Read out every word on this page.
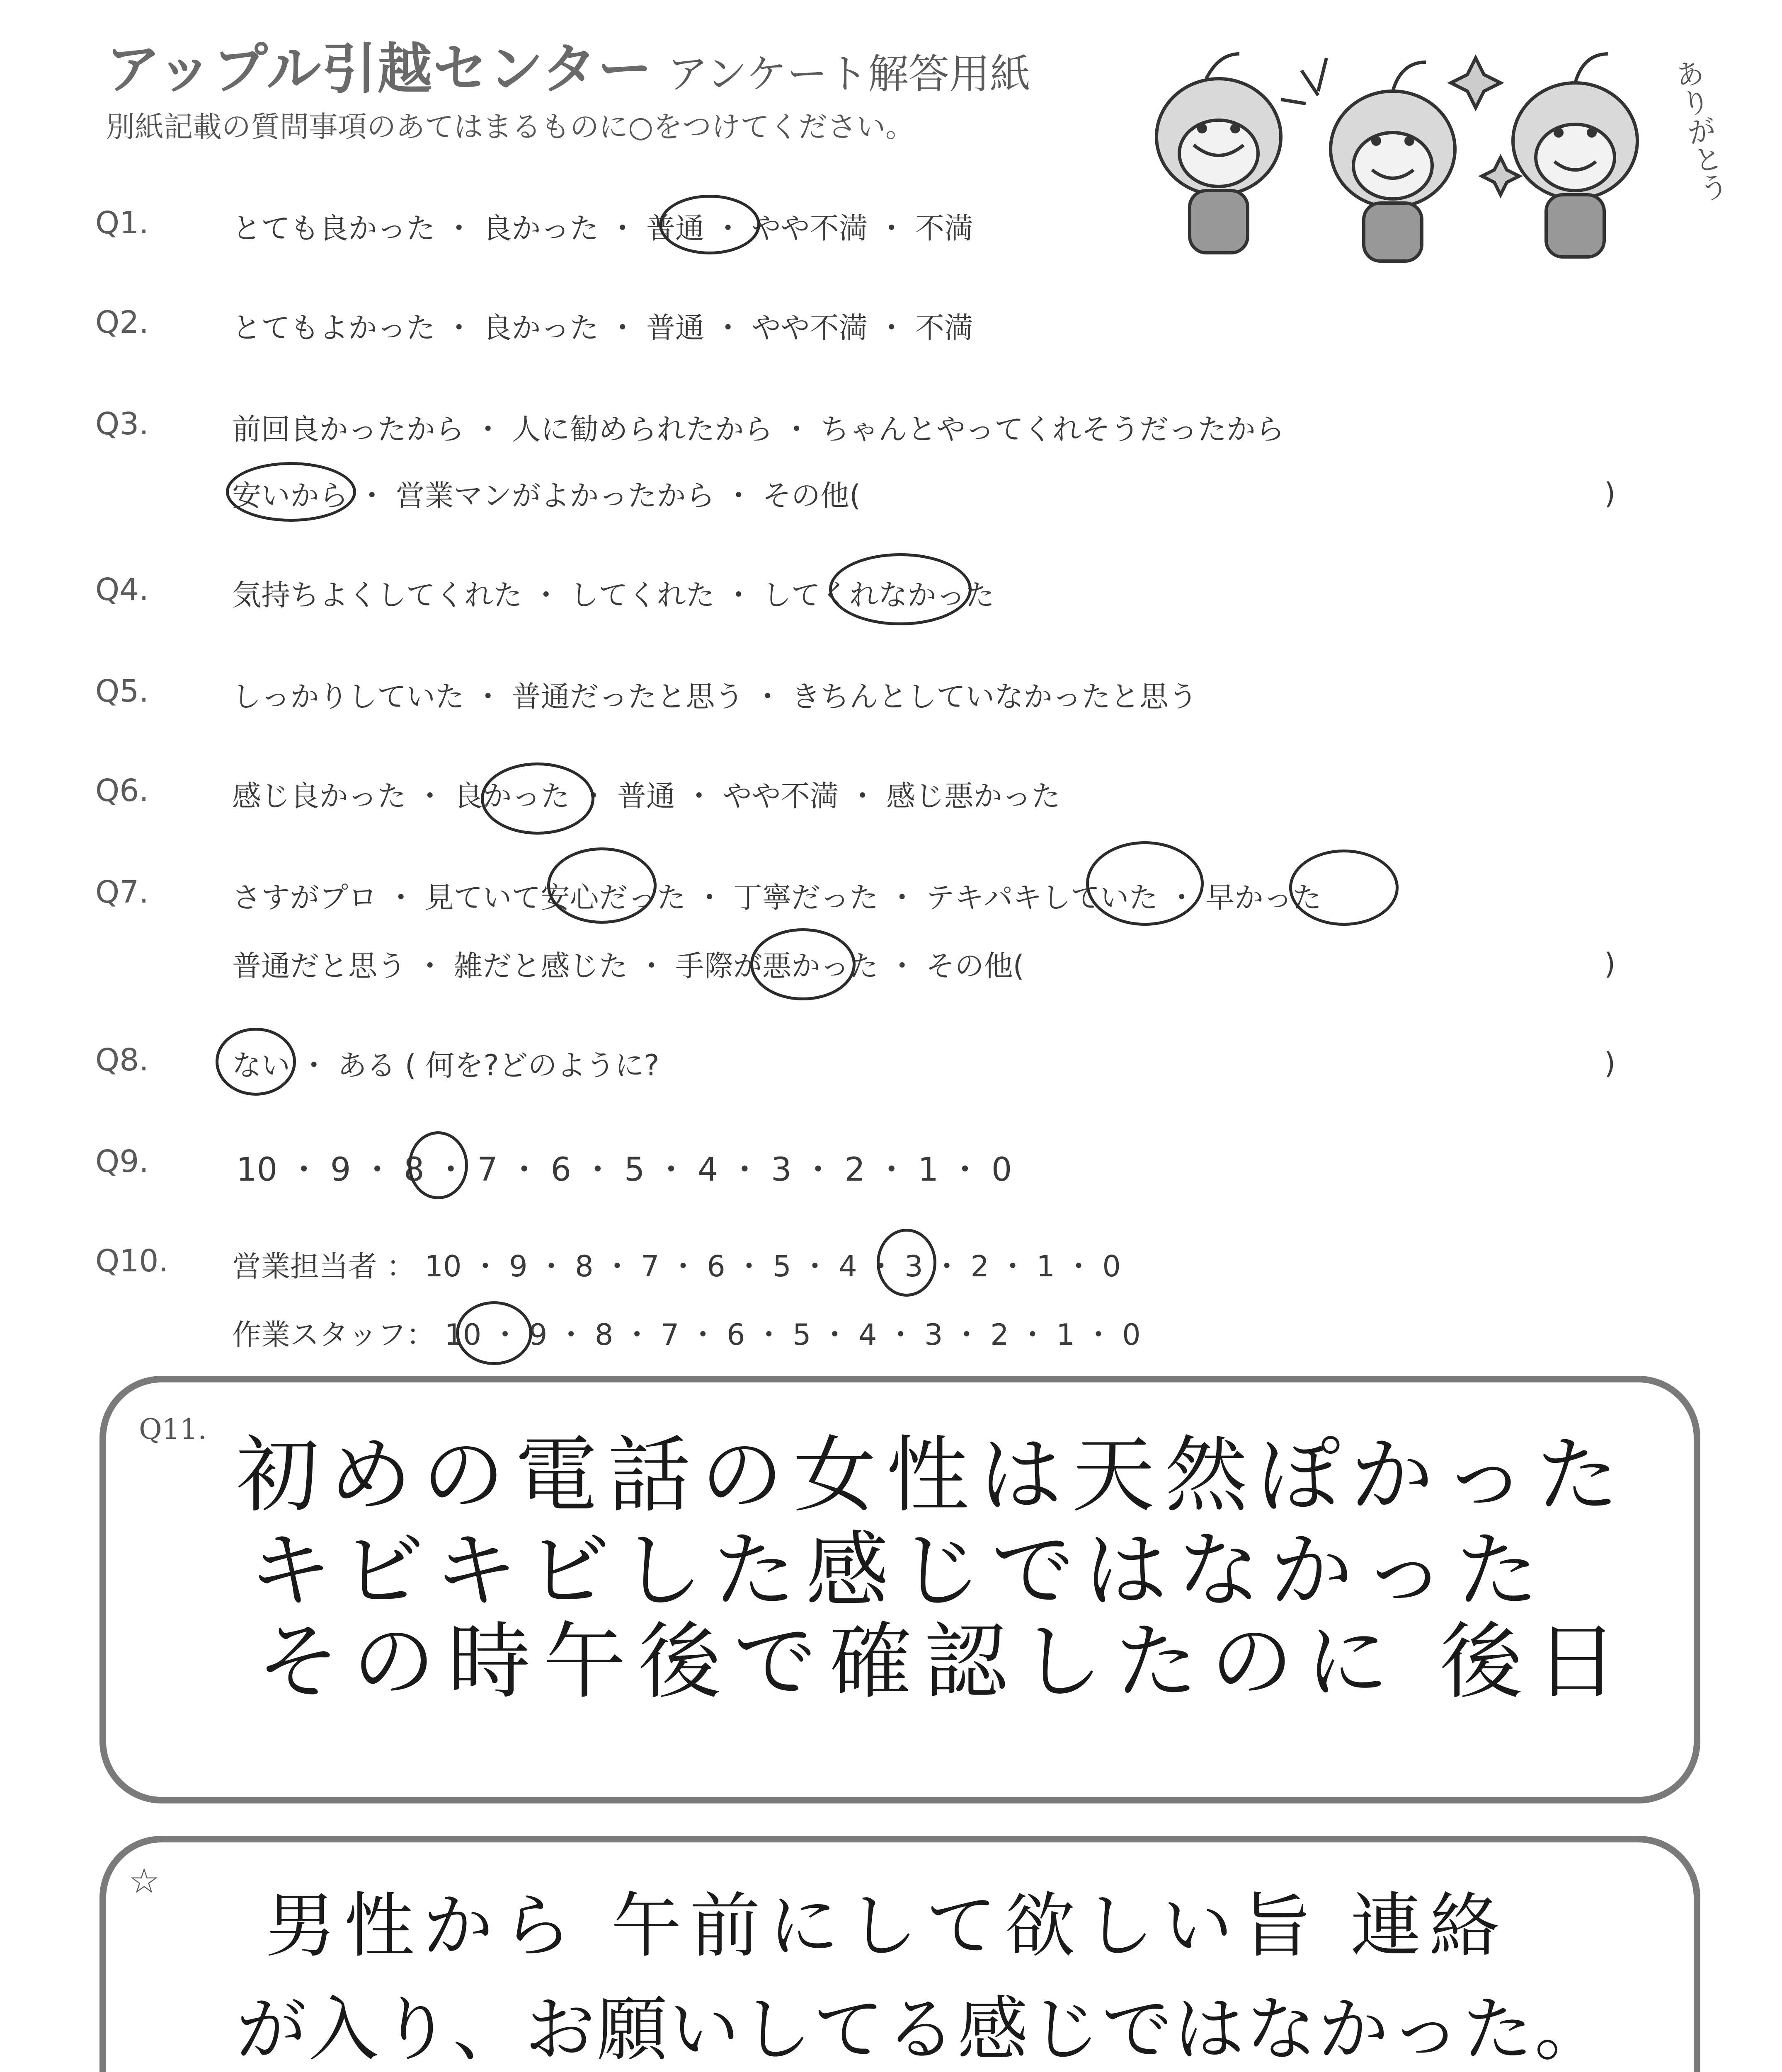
アップル引越センター アンケート解答用紙
別紙記載の質問事項のあてはまるものに○をつけてください。	ありがとう
Q1.	とても良かった ・ 良かった ・ 普通 ・ やや不満 ・ 不満
Q2.	とてもよかった ・ 良かった ・ 普通 ・ やや不満 ・ 不満
Q3.	前回良かったから ・ 人に勧められたから ・ ちゃんとやってくれそうだったから
安いから ・ 営業マンがよかったから ・ その他(	)
Q4.	気持ちよくしてくれた ・ してくれた ・ してくれなかった
Q5.	しっかりしていた ・ 普通だったと思う ・ きちんとしていなかったと思う
Q6.	感じ良かった ・ 良かった ・ 普通 ・ やや不満 ・ 感じ悪かった
Q7.	さすがプロ ・ 見ていて安心だった ・ 丁寧だった ・ テキパキしていた ・ 早かった
普通だと思う ・ 雑だと感じた ・ 手際が悪かった ・ その他(	)
Q8.	ない ・ ある ( 何を?どのように?	)
Q9.	10 ・ 9 ・ 8 ・ 7 ・ 6 ・ 5 ・ 4 ・ 3 ・ 2 ・ 1 ・ 0
Q10. 営業担当者 ： 10 ・ 9 ・ 8 ・ 7 ・ 6 ・ 5 ・ 4 ・ 3 ・ 2 ・ 1 ・ 0
作業スタッフ： 10 ・ 9 ・ 8 ・ 7 ・ 6 ・ 5 ・ 4 ・ 3 ・ 2 ・ 1 ・ 0
Q11. 初めの電話の女性は天然ぽかった
キビキビした感じではなかった
その時午後で確認したのに 後日
☆
男性から 午前にして欲しい旨 連絡
が入り、お願いしてる感じではなかった。
